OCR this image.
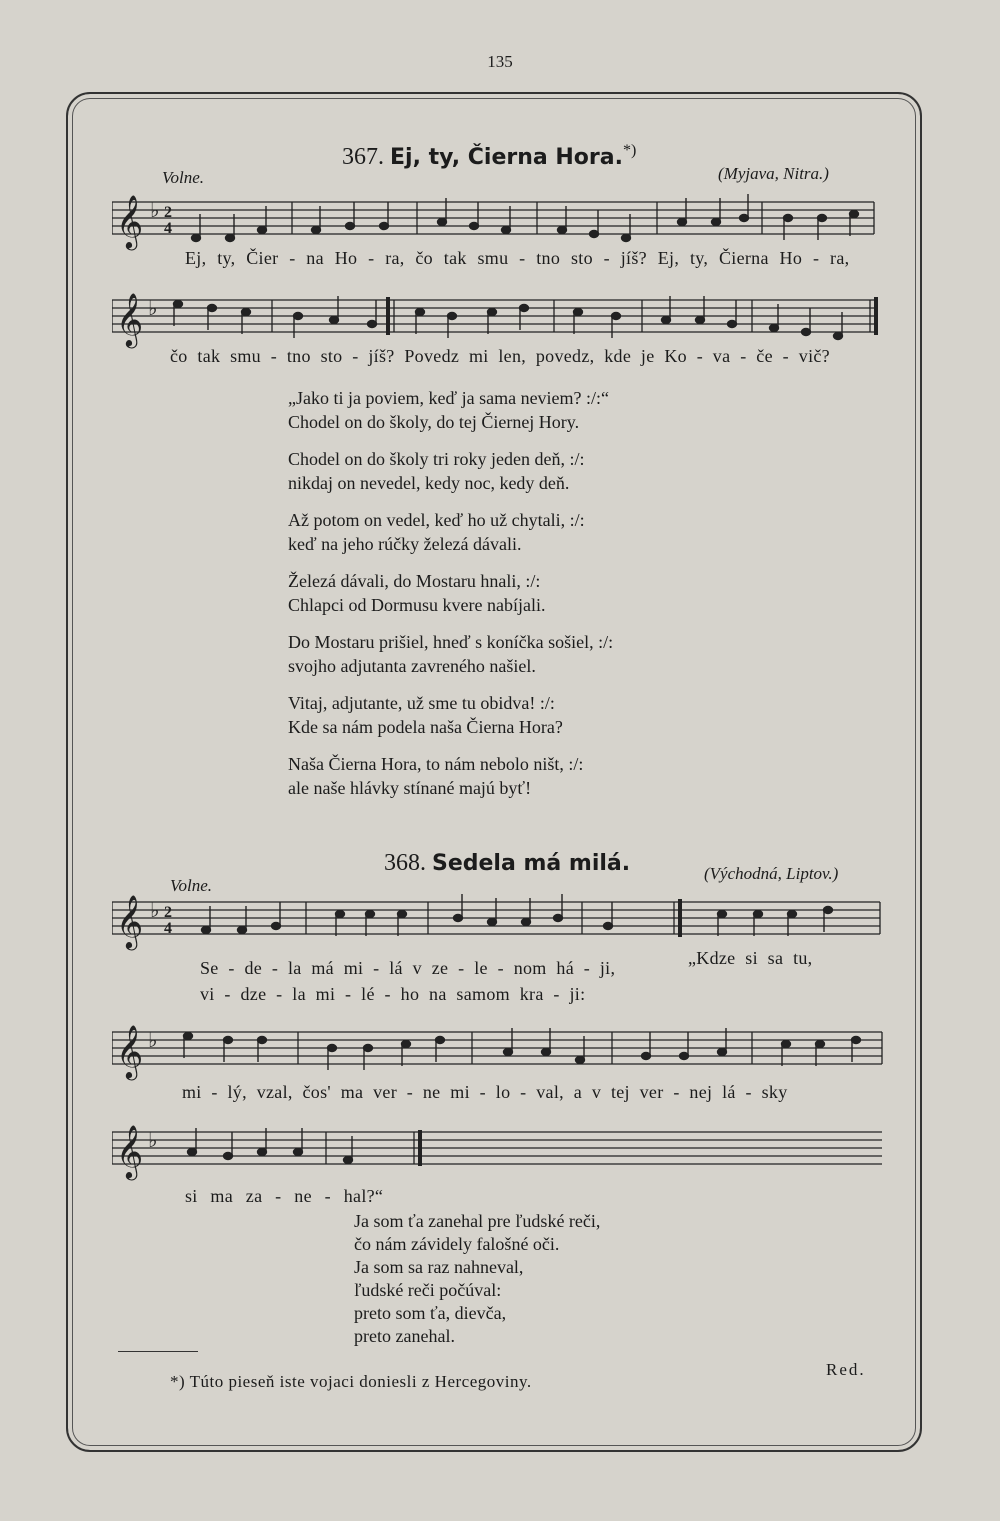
135
Volne.
367. Ej, ty, Čierna Hora.*)
(Myjava, Nitra.)
𝄞 ♭ 2
4
Ej, ty, Čier - na Ho - ra, čo tak smu - tno sto - jíš? Ej, ty, Čierna Ho - ra,
𝄞 ♭
čo tak smu - tno sto - jíš? Povedz mi len, povedz, kde je Ko - va - če - vič?
„Jako ti ja poviem, keď ja sama neviem? :/:“
Chodel on do školy, do tej Čiernej Hory.
Chodel on do školy tri roky jeden deň, :/:
nikdaj on nevedel, kedy noc, kedy deň.
Až potom on vedel, keď ho už chytali, :/:
keď na jeho rúčky železá dávali.
Železá dávali, do Mostaru hnali, :/:
Chlapci od Dormusu kvere nabíjali.
Do Mostaru prišiel, hneď s koníčka sošiel, :/:
svojho adjutanta zavreného našiel.
Vitaj, adjutante, už sme tu obidva! :/:
Kde sa nám podela naša Čierna Hora?
Naša Čierna Hora, to nám nebolo ništ, :/:
ale naše hlávky stínané majú byť!
Volne.
368. Sedela má milá.	(Východná, Liptov.)
𝄞 ♭ 2
4
Se - de - la má mi - lá v ze - le - nom há - ji,
vi - dze - la mi - lé - ho na samom kra - ji:
„Kdze si sa tu,
𝄞 ♭
mi - lý, vzal, čos' ma ver - ne mi - lo - val, a v tej ver - nej lá - sky
𝄞 ♭
si ma za - ne - hal?“
Ja som ťa zanehal pre ľudské reči,
čo nám závidely falošné oči.
Ja som sa raz nahneval,
ľudské reči počúval:
preto som ťa, dievča,
preto zanehal.
*) Túto pieseň iste vojaci doniesli z Hercegoviny.
Red.
